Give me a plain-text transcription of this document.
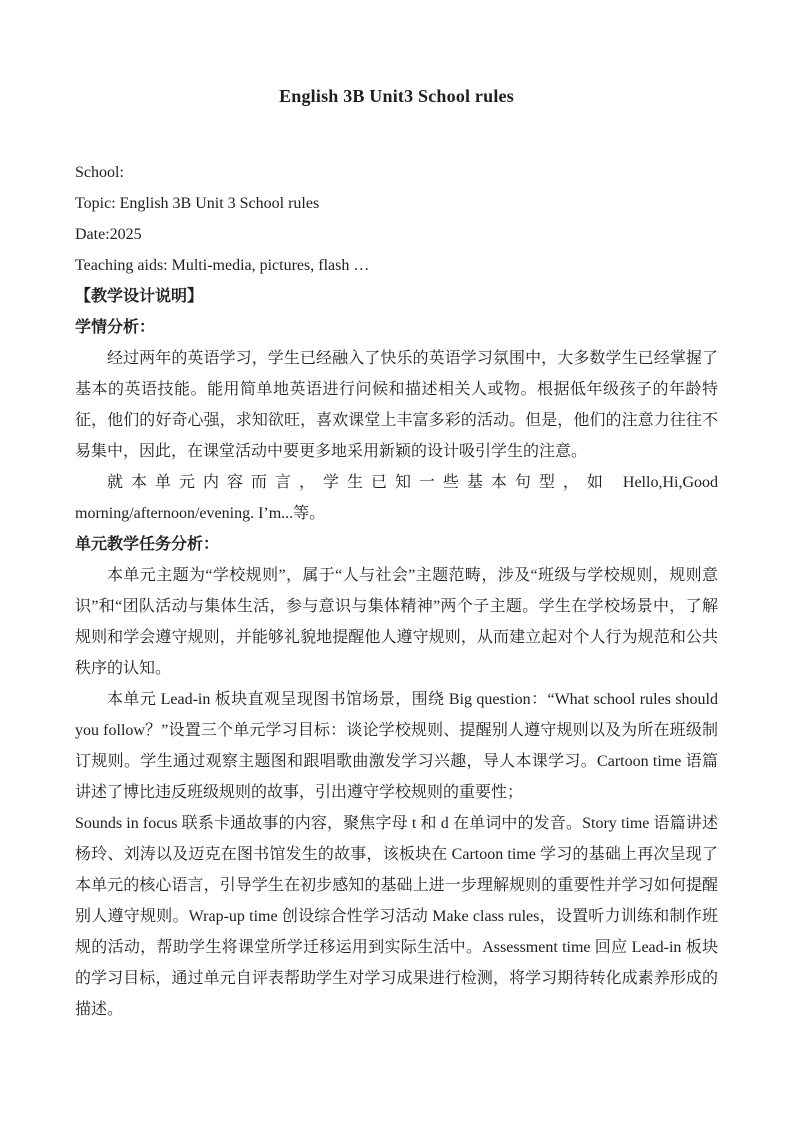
English 3B Unit3 School rules

School:

Topic: English 3B Unit 3 School rules

Date:2025

Teaching aids: Multi-media, pictures, flash …

【教学设计说明】

学情分析：

经过两年的英语学习，学生已经融入了快乐的英语学习氛围中，大多数学生已经掌握了基本的英语技能。能用简单地英语进行问候和描述相关人或物。根据低年级孩子的年龄特征，他们的好奇心强，求知欲旺，喜欢课堂上丰富多彩的活动。但是，他们的注意力往往不易集中，因此，在课堂活动中要更多地采用新颖的设计吸引学生的注意。

就本单元内容而言，学生已知一些基本句型，如 Hello,Hi,Good morning/afternoon/evening. I’m...等。

单元教学任务分析：

本单元主题为“学校规则”，属于“人与社会”主题范畴，涉及“班级与学校规则，规则意识”和“团队活动与集体生活，参与意识与集体精神”两个子主题。学生在学校场景中，了解规则和学会遵守规则，并能够礼貌地提醒他人遵守规则，从而建立起对个人行为规范和公共秩序的认知。

本单元 Lead-in 板块直观呈现图书馆场景，围绕 Big question：“What school rules should you follow？”设置三个单元学习目标：谈论学校规则、提醒别人遵守规则以及为所在班级制订规则。学生通过观察主题图和跟唱歌曲激发学习兴趣，导人本课学习。Cartoon time 语篇讲述了博比违反班级规则的故事，引出遵守学校规则的重要性；

Sounds in focus 联系卡通故事的内容，聚焦字母 t 和 d 在单词中的发音。Story time 语篇讲述杨玲、刘涛以及迈克在图书馆发生的故事，该板块在 Cartoon time 学习的基础上再次呈现了本单元的核心语言，引导学生在初步感知的基础上进一步理解规则的重要性并学习如何提醒别人遵守规则。Wrap-up time 创设综合性学习活动 Make class rules，设置听力训练和制作班规的活动，帮助学生将课堂所学迁移运用到实际生活中。Assessment time 回应 Lead-in 板块的学习目标，通过单元自评表帮助学生对学习成果进行检测，将学习期待转化成素养形成的描述。
